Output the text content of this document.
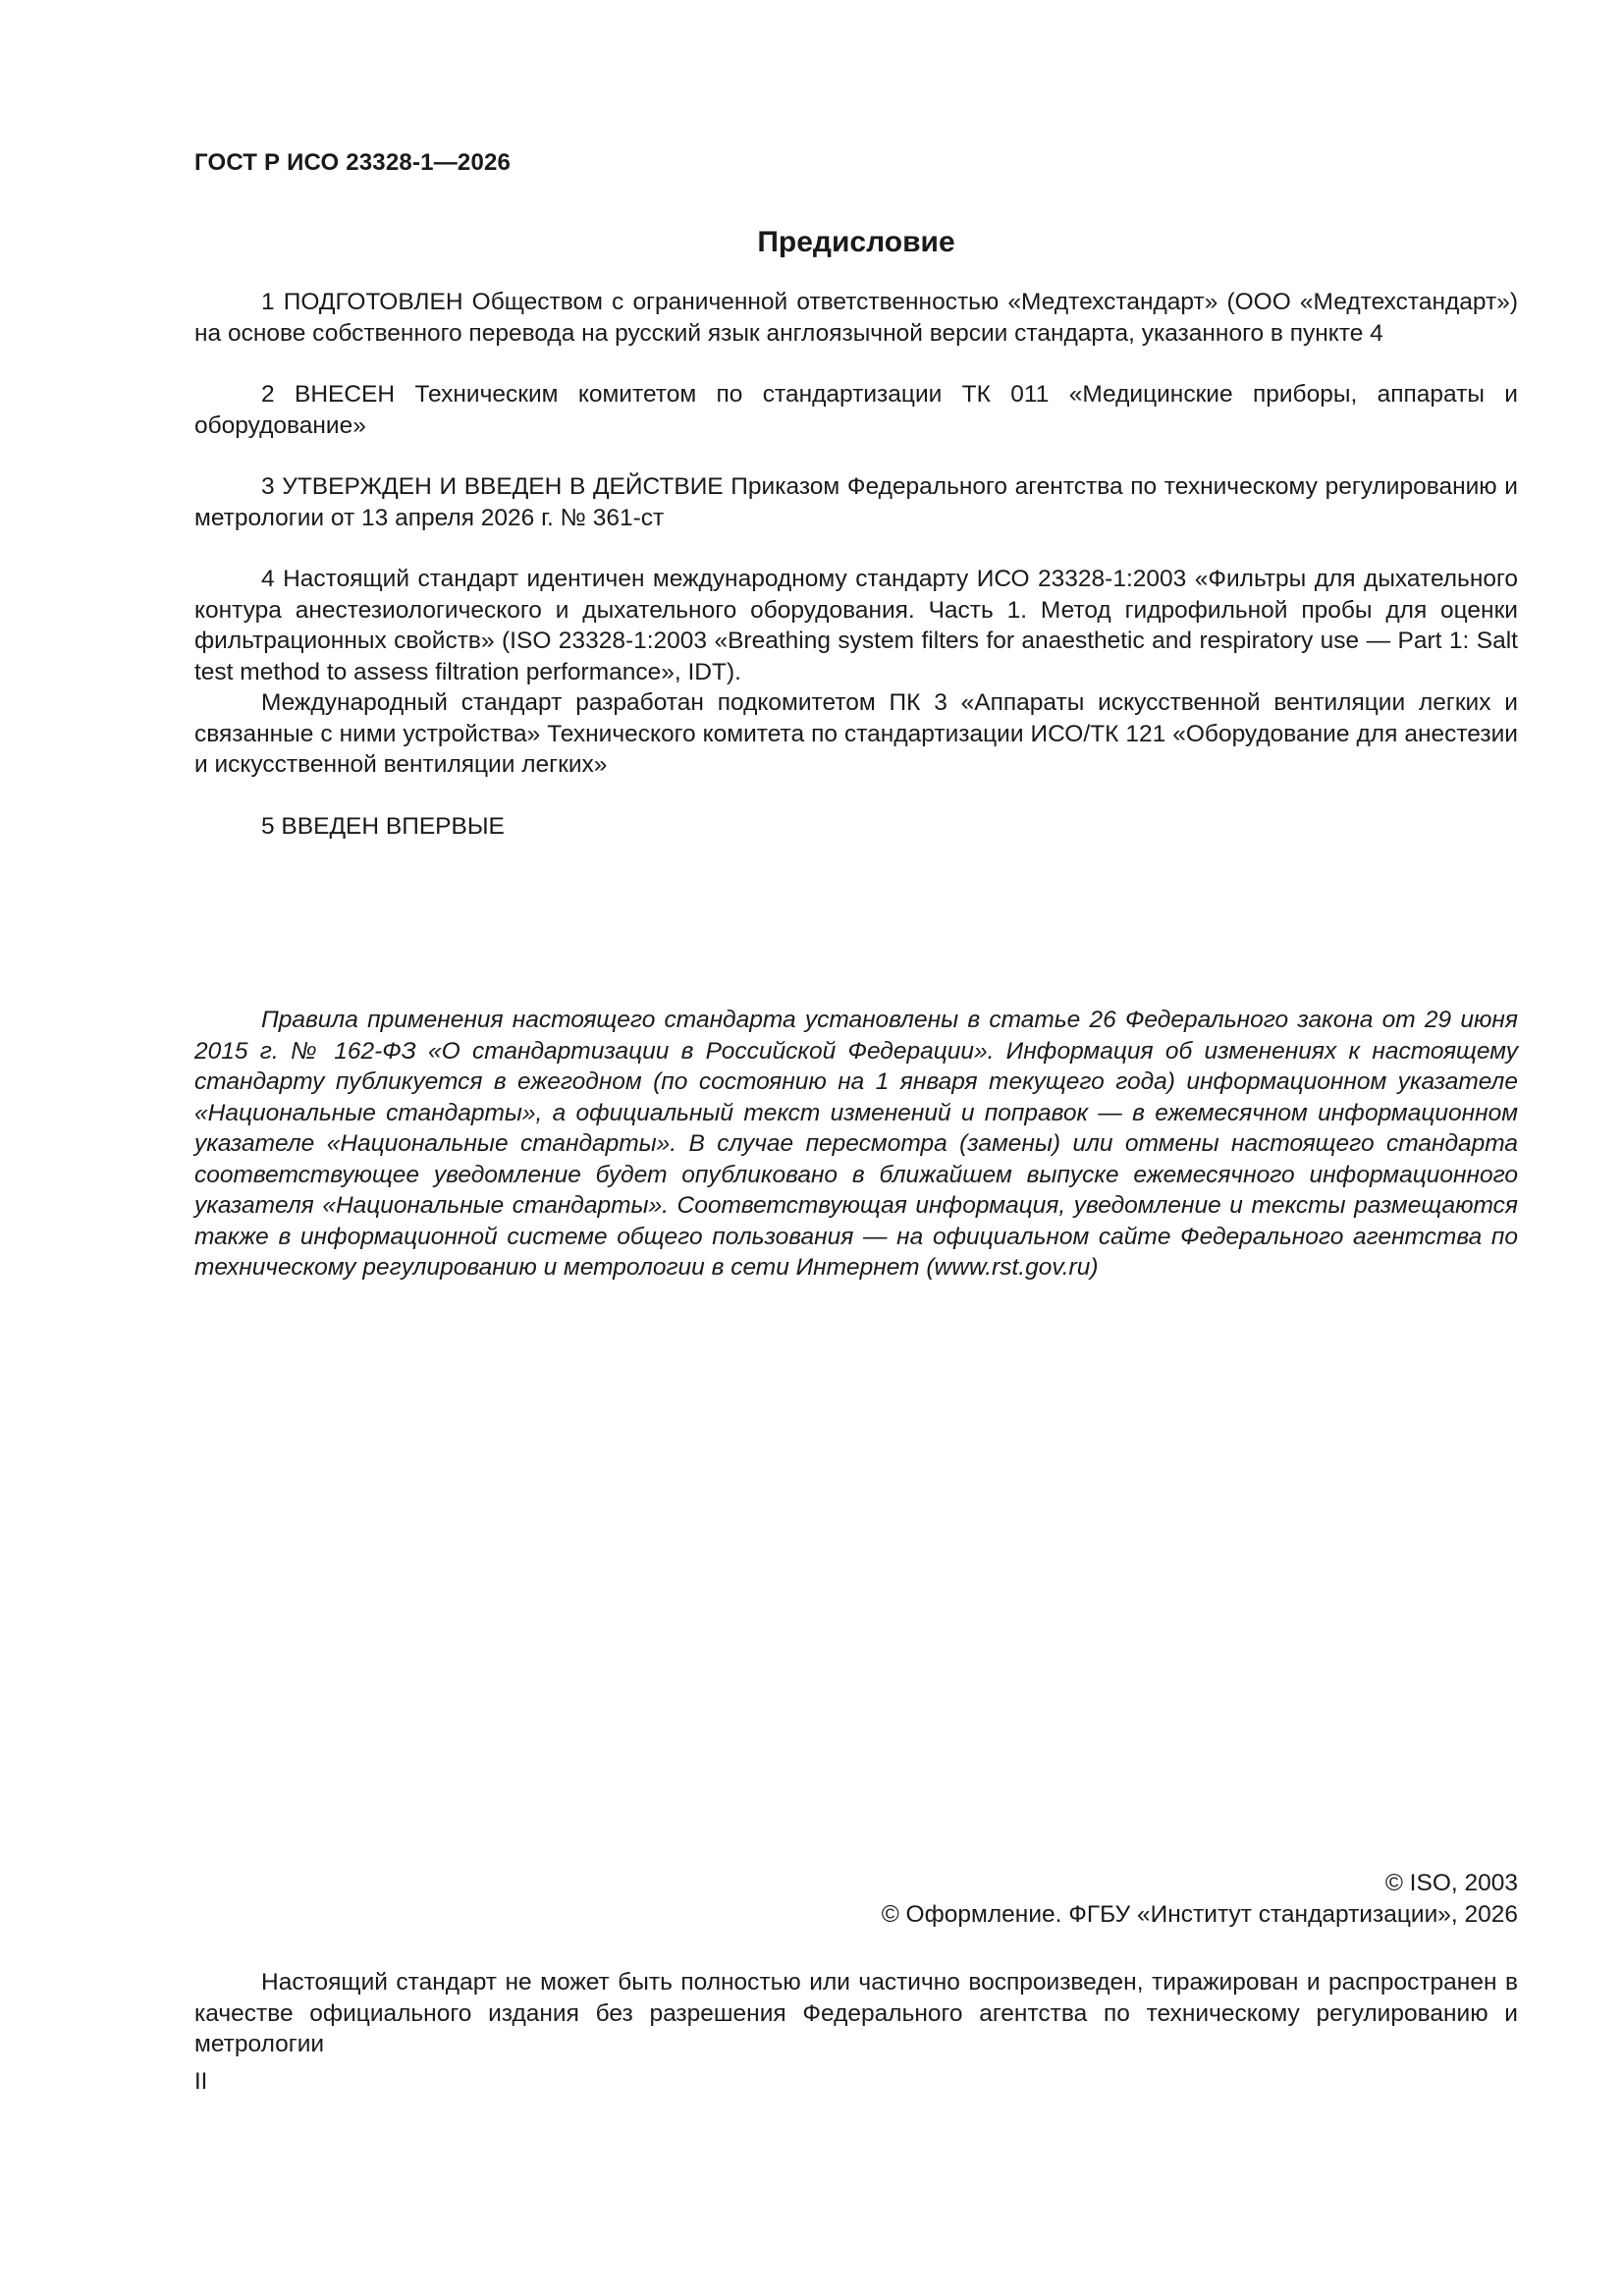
ГОСТ Р ИСО 23328-1—2026
Предисловие

1 ПОДГОТОВЛЕН Обществом с ограниченной ответственностью «Медтехстандарт» (ООО «Медтехстандарт») на основе собственного перевода на русский язык англоязычной версии стандарта, указанного в пункте 4

2 ВНЕСЕН Техническим комитетом по стандартизации ТК 011 «Медицинские приборы, аппараты и оборудование»

3 УТВЕРЖДЕН И ВВЕДЕН В ДЕЙСТВИЕ Приказом Федерального агентства по техническому регулированию и метрологии от 13 апреля 2026 г. № 361-ст

4 Настоящий стандарт идентичен международному стандарту ИСО 23328-1:2003 «Фильтры для дыхательного контура анестезиологического и дыхательного оборудования. Часть 1. Метод гидрофильной пробы для оценки фильтрационных свойств» (ISO 23328-1:2003 «Breathing system filters for anaesthetic and respiratory use — Part 1: Salt test method to assess filtration performance», IDT).

Международный стандарт разработан подкомитетом ПК 3 «Аппараты искусственной вентиляции легких и связанные с ними устройства» Технического комитета по стандартизации ИСО/ТК 121 «Оборудование для анестезии и искусственной вентиляции легких»

5 ВВЕДЕН ВПЕРВЫЕ

Правила применения настоящего стандарта установлены в статье 26 Федерального закона от 29 июня 2015 г. № 162-ФЗ «О стандартизации в Российской Федерации». Информация об изменениях к настоящему стандарту публикуется в ежегодном (по состоянию на 1 января текущего года) информационном указателе «Национальные стандарты», а официальный текст изменений и поправок — в ежемесячном информационном указателе «Национальные стандарты». В случае пересмотра (замены) или отмены настоящего стандарта соответствующее уведомление будет опубликовано в ближайшем выпуске ежемесячного информационного указателя «Национальные стандарты». Соответствующая информация, уведомление и тексты размещаются также в информационной системе общего пользования — на официальном сайте Федерального агентства по техническому регулированию и метрологии в сети Интернет (www.rst.gov.ru)

© ISO, 2003
© Оформление. ФГБУ «Институт стандартизации», 2026

Настоящий стандарт не может быть полностью или частично воспроизведен, тиражирован и распространен в качестве официального издания без разрешения Федерального агентства по техническому регулированию и метрологии

II
